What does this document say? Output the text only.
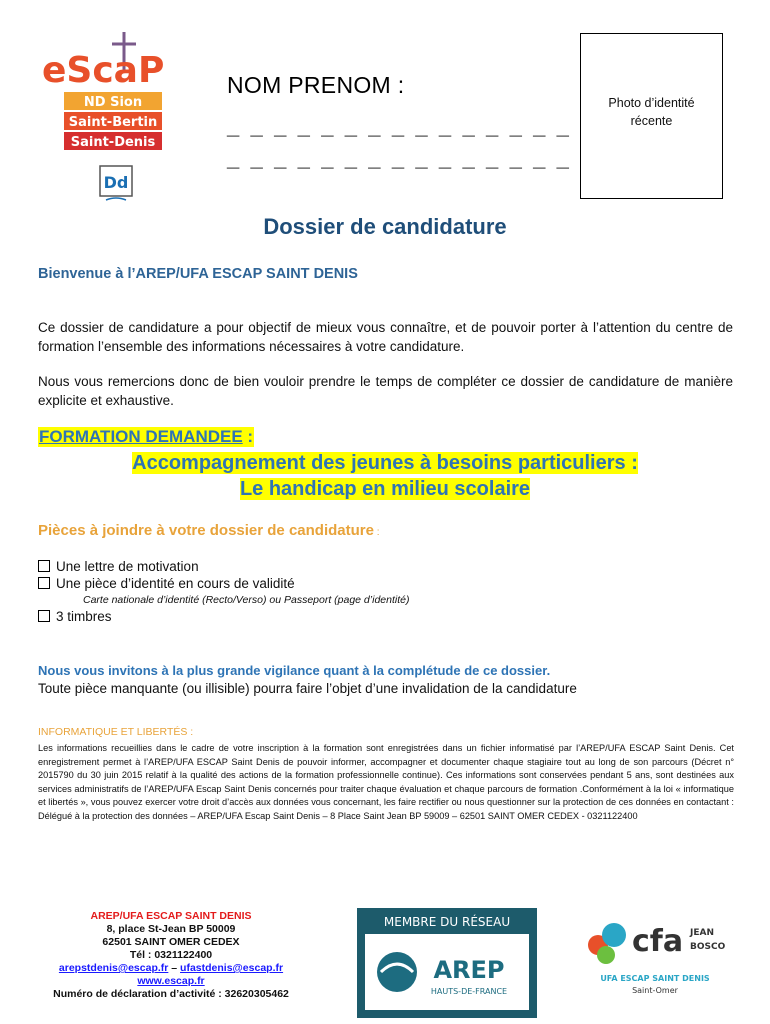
eScaP
ND Sion
Saint-Bertin
Saint-Denis
Dd
NOM PRENOM :
_ _ _ _ _ _ _ _ _ _ _ _ _ _ _
_ _ _ _ _ _ _ _ _ _ _ _ _ _ _
Photo d’identité
récente
Dossier de candidature
Bienvenue à l’AREP/UFA ESCAP SAINT DENIS
Ce dossier de candidature a pour objectif de mieux vous connaître, et de pouvoir porter à l’attention du centre de formation l’ensemble des informations nécessaires à votre candidature.
Nous vous remercions donc de bien vouloir prendre le temps de compléter ce dossier de candidature de manière explicite et exhaustive.
FORMATION DEMANDEE :
Accompagnement des jeunes à besoins particuliers :
Le handicap en milieu scolaire
Pièces à joindre à votre dossier de candidature :
Une lettre de motivation
Une pièce d’identité en cours de validité
Carte nationale d’identité (Recto/Verso) ou Passeport (page d’identité)
3 timbres
Nous vous invitons à la plus grande vigilance quant à la complétude de ce dossier.
Toute pièce manquante (ou illisible) pourra faire l’objet d’une invalidation de la candidature
INFORMATIQUE ET LIBERTÉS :
Les informations recueillies dans le cadre de votre inscription à la formation sont enregistrées dans un fichier informatisé par l’AREP/UFA ESCAP Saint Denis. Cet enregistrement permet à l’AREP/UFA ESCAP Saint Denis de pouvoir informer, accompagner et documenter chaque stagiaire tout au long de son parcours (Décret n° 2015790 du 30 juin 2015 relatif à la qualité des actions de la formation professionnelle continue). Ces informations sont conservées pendant 5 ans, sont destinées aux services administratifs de l’AREP/UFA Escap Saint Denis concernés pour traiter chaque évaluation et chaque parcours de formation .Conformément à la loi « informatique et libertés », vous pouvez exercer votre droit d’accès aux données vous concernant, les faire rectifier ou nous questionner sur la protection de ces données en contactant : Délégué à la protection des données – AREP/UFA Escap Saint Denis – 8 Place Saint Jean BP 59009 – 62501 SAINT OMER CEDEX - 0321122400
AREP/UFA ESCAP SAINT DENIS
8, place St-Jean BP 50009
62501 SAINT OMER CEDEX
Tél : 0321122400
arepstdenis@escap.fr – ufastdenis@escap.fr
www.escap.fr
Numéro de déclaration d’activité : 32620305462
MEMBRE DU RÉSEAU
AREP
HAUTS-DE-FRANCE
cfa JEAN
BOSCO
UFA ESCAP SAINT DENIS
Saint-Omer
